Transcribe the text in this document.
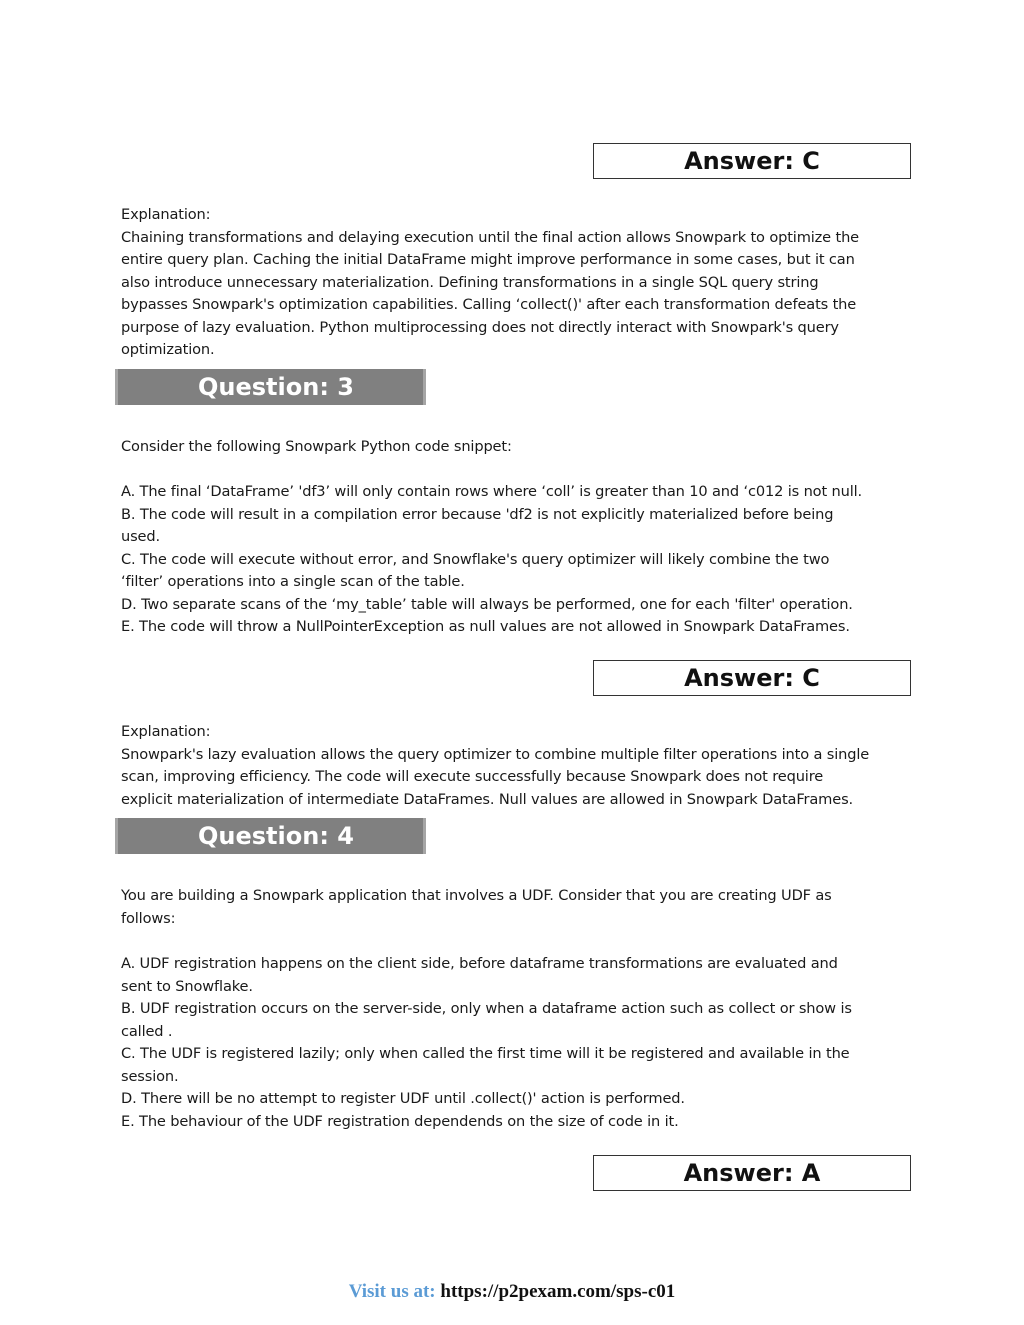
Answer: C
Explanation:
Chaining transformations and delaying execution until the final action allows Snowpark to optimize the
entire query plan. Caching the initial DataFrame might improve performance in some cases, but it can
also introduce unnecessary materialization. Defining transformations in a single SQL query string
bypasses Snowpark's optimization capabilities. Calling ‘collect()' after each transformation defeats the
purpose of lazy evaluation. Python multiprocessing does not directly interact with Snowpark's query
optimization.
Question: 3
Consider the following Snowpark Python code snippet:
A. The final ‘DataFrame’ 'df3’ will only contain rows where ‘coll’ is greater than 10 and ‘c012 is not null.
B. The code will result in a compilation error because 'df2 is not explicitly materialized before being
used.
C. The code will execute without error, and Snowflake's query optimizer will likely combine the two
‘filter’ operations into a single scan of the table.
D. Two separate scans of the ‘my_table’ table will always be performed, one for each 'filter' operation.
E. The code will throw a NullPointerException as null values are not allowed in Snowpark DataFrames.
Answer: C
Explanation:
Snowpark's lazy evaluation allows the query optimizer to combine multiple filter operations into a single
scan, improving efficiency. The code will execute successfully because Snowpark does not require
explicit materialization of intermediate DataFrames. Null values are allowed in Snowpark DataFrames.
Question: 4
You are building a Snowpark application that involves a UDF. Consider that you are creating UDF as
follows:
A. UDF registration happens on the client side, before dataframe transformations are evaluated and
sent to Snowflake.
B. UDF registration occurs on the server-side, only when a dataframe action such as collect or show is
called .
C. The UDF is registered lazily; only when called the first time will it be registered and available in the
session.
D. There will be no attempt to register UDF until .collect()' action is performed.
E. The behaviour of the UDF registration dependends on the size of code in it.
Answer: A
Visit us at: https://p2pexam.com/sps-c01
